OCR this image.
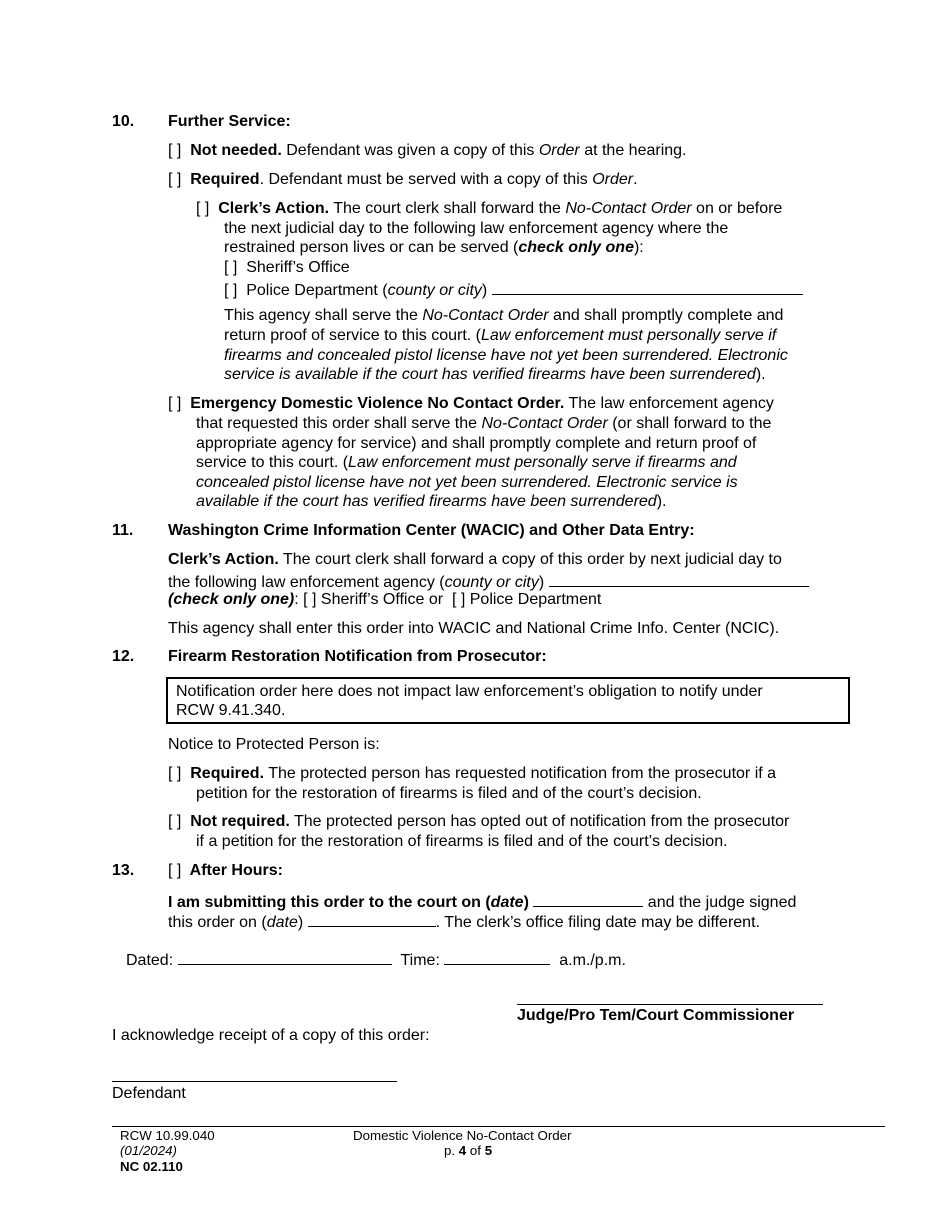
10. Further Service:
[ ] Not needed. Defendant was given a copy of this Order at the hearing.
[ ] Required. Defendant must be served with a copy of this Order.
[ ] Clerk’s Action. The court clerk shall forward the No-Contact Order on or before
the next judicial day to the following law enforcement agency where the
restrained person lives or can be served (check only one):
[ ] Sheriff’s Office
[ ] Police Department (county or city)
This agency shall serve the No-Contact Order and shall promptly complete and
return proof of service to this court. (Law enforcement must personally serve if
firearms and concealed pistol license have not yet been surrendered. Electronic
service is available if the court has verified firearms have been surrendered).
[ ] Emergency Domestic Violence No Contact Order. The law enforcement agency
that requested this order shall serve the No-Contact Order (or shall forward to the
appropriate agency for service) and shall promptly complete and return proof of
service to this court. (Law enforcement must personally serve if firearms and
concealed pistol license have not yet been surrendered. Electronic service is
available if the court has verified firearms have been surrendered).
11. Washington Crime Information Center (WACIC) and Other Data Entry:
Clerk’s Action. The court clerk shall forward a copy of this order by next judicial day to
the following law enforcement agency (county or city)
(check only one): [ ] Sheriff’s Office or  [ ] Police Department
This agency shall enter this order into WACIC and National Crime Info. Center (NCIC).
12. Firearm Restoration Notification from Prosecutor:
Notification order here does not impact law enforcement’s obligation to notify under
RCW 9.41.340.
Notice to Protected Person is:
[ ] Required. The protected person has requested notification from the prosecutor if a
petition for the restoration of firearms is filed and of the court’s decision.
[ ] Not required. The protected person has opted out of notification from the prosecutor
if a petition for the restoration of firearms is filed and of the court’s decision.
13. [ ] After Hours:
I am submitting this order to the court on (date)	and the judge signed
this order on (date)	. The clerk’s office filing date may be different.
Dated:	Time:	a.m./p.m.
Judge/Pro Tem/Court Commissioner
I acknowledge receipt of a copy of this order:
Defendant
RCW 10.99.040
(01/2024)
NC 02.110
Domestic Violence No-Contact Order
p. 4 of 5
